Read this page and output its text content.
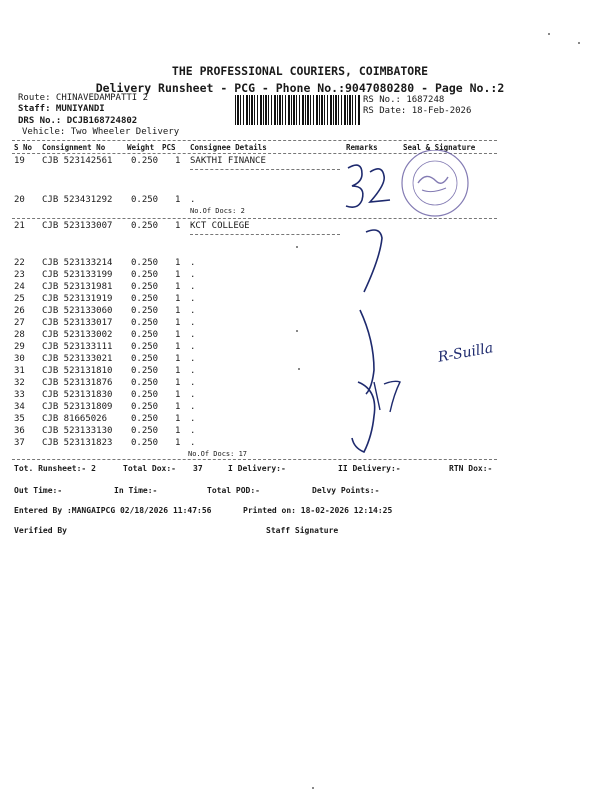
THE PROFESSIONAL COURIERS, COIMBATORE
Delivery Runsheet - PCG - Phone No.:9047080280 - Page No.:2
Route: CHINAVEDAMPATTI 2
Staff: MUNIYANDI
DRS No.: DCJB168724802
Vehicle: Two Wheeler Delivery
RS No.: 1687248
RS Date: 18-Feb-2026
S No Consignment No	Weight PCS Consignee Details	Remarks	Seal & Signature
19 CJB 523142561 0.250 1 SAKTHI FINANCE
20 CJB 523431292 0.250 1 .
No.Of Docs: 2
21 CJB 523133007 0.250 1 KCT COLLEGE
22 CJB 523133214 0.250 1 .
23 CJB 523133199 0.250 1 .
24 CJB 523131981 0.250 1 .
25 CJB 523131919 0.250 1 .
26 CJB 523133060 0.250 1 .
27 CJB 523133017 0.250 1 .
28 CJB 523133002 0.250 1 .
29 CJB 523133111 0.250 1 .
30 CJB 523133021 0.250 1 .
31 CJB 523131810 0.250 1 .
32 CJB 523131876 0.250 1 .
33 CJB 523131830 0.250 1 .
34 CJB 523131809 0.250 1 .
35 CJB 81665026	0.250 1 .
36 CJB 523133130 0.250 1 .
37 CJB 523131823 0.250 1 .
No.Of Docs: 17
R-Suilla
Tot. Runsheet:- 2	Total Dox:- 37	I Delivery:-	II Delivery:-	RTN Dox:-
Out Time:-	In Time:-	Total POD:-	Delvy Points:-
Entered By :MANGAIPCG 02/18/2026 11:47:56	Printed on: 18-02-2026 12:14:25
Verified By	Staff Signature
